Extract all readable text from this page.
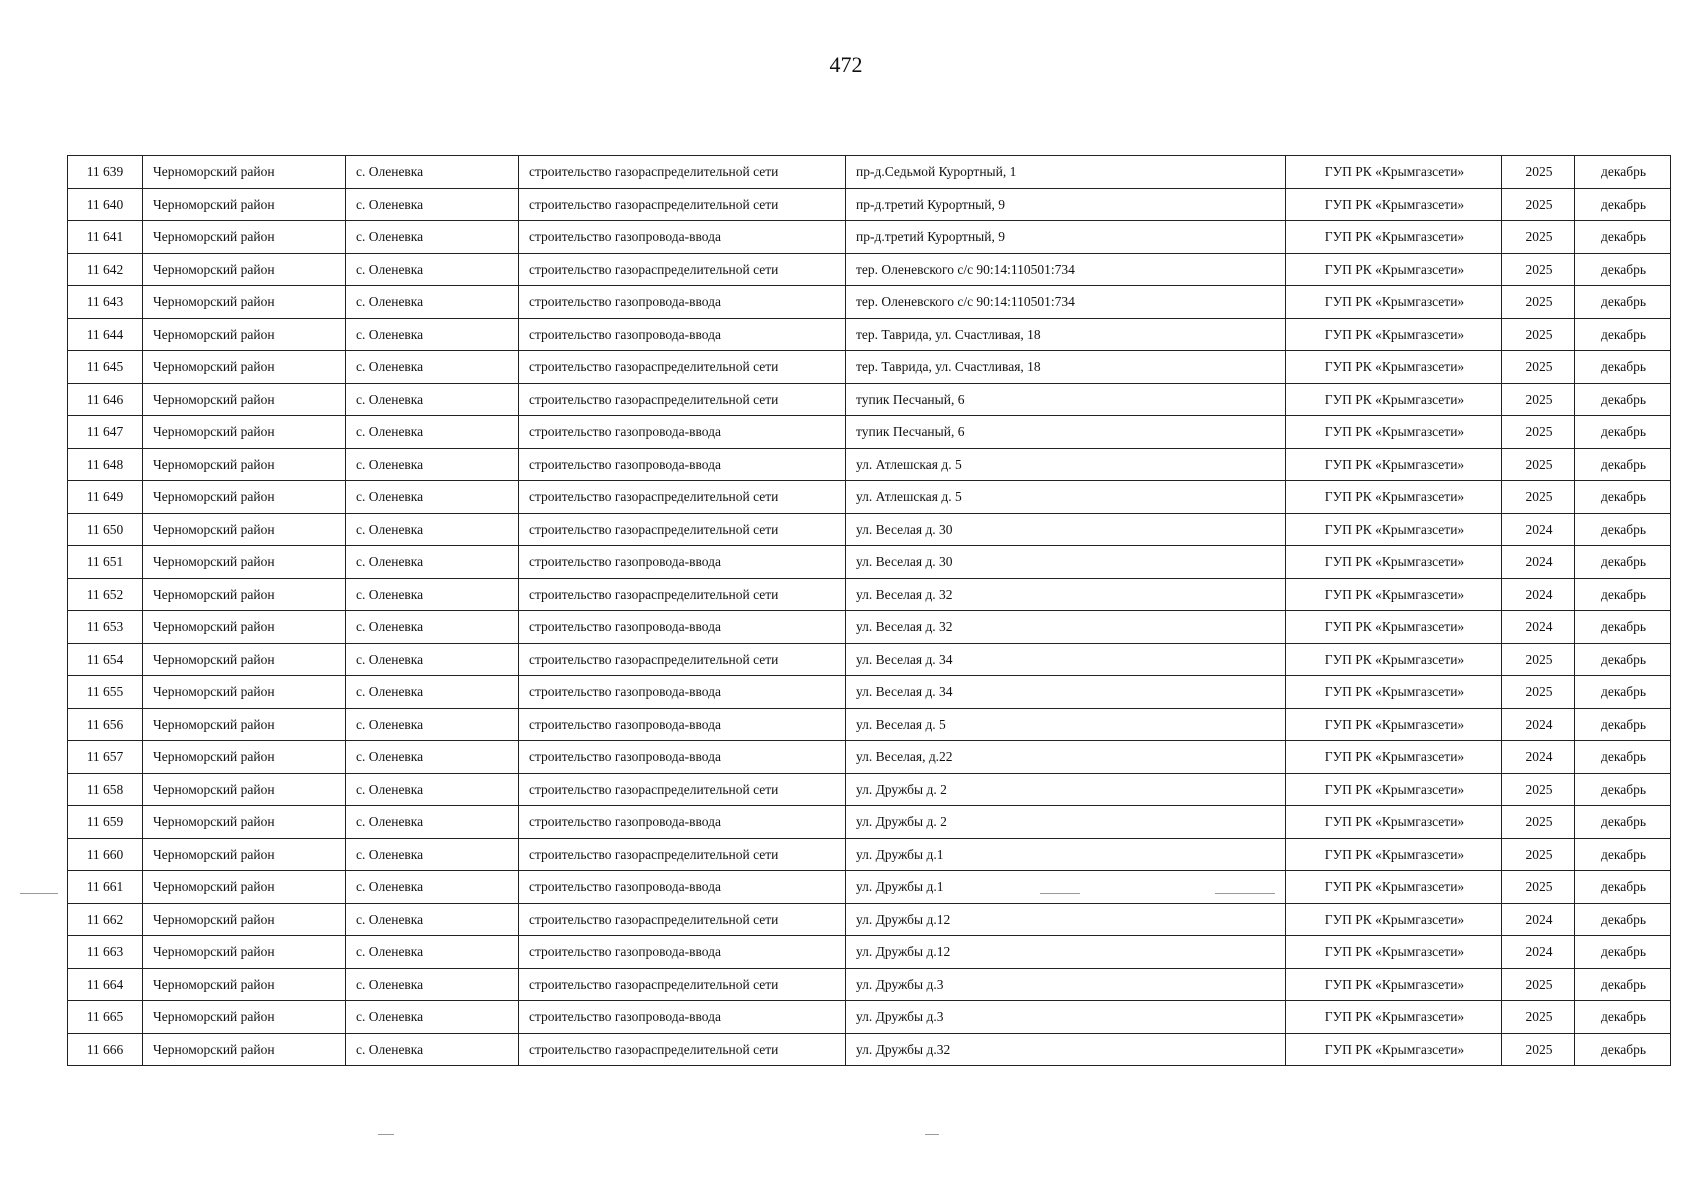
472
11 639	Черноморский район	с. Оленевка	строительство газораспределительной сети	пр-д.Седьмой Курортный, 1	ГУП РК «Крымгазсети»	2025	декабрь
11 640	Черноморский район	с. Оленевка	строительство газораспределительной сети	пр-д.третий Курортный, 9	ГУП РК «Крымгазсети»	2025	декабрь
11 641	Черноморский район	с. Оленевка	строительство газопровода-ввода	пр-д.третий Курортный, 9	ГУП РК «Крымгазсети»	2025	декабрь
11 642	Черноморский район	с. Оленевка	строительство газораспределительной сети	тер. Оленевского с/с 90:14:110501:734	ГУП РК «Крымгазсети»	2025	декабрь
11 643	Черноморский район	с. Оленевка	строительство газопровода-ввода	тер. Оленевского с/с 90:14:110501:734	ГУП РК «Крымгазсети»	2025	декабрь
11 644	Черноморский район	с. Оленевка	строительство газопровода-ввода	тер. Таврида, ул. Счастливая, 18	ГУП РК «Крымгазсети»	2025	декабрь
11 645	Черноморский район	с. Оленевка	строительство газораспределительной сети	тер. Таврида, ул. Счастливая, 18	ГУП РК «Крымгазсети»	2025	декабрь
11 646	Черноморский район	с. Оленевка	строительство газораспределительной сети	тупик Песчаный, 6	ГУП РК «Крымгазсети»	2025	декабрь
11 647	Черноморский район	с. Оленевка	строительство газопровода-ввода	тупик Песчаный, 6	ГУП РК «Крымгазсети»	2025	декабрь
11 648	Черноморский район	с. Оленевка	строительство газопровода-ввода	ул. Атлешская д. 5	ГУП РК «Крымгазсети»	2025	декабрь
11 649	Черноморский район	с. Оленевка	строительство газораспределительной сети	ул. Атлешская д. 5	ГУП РК «Крымгазсети»	2025	декабрь
11 650	Черноморский район	с. Оленевка	строительство газораспределительной сети	ул. Веселая д. 30	ГУП РК «Крымгазсети»	2024	декабрь
11 651	Черноморский район	с. Оленевка	строительство газопровода-ввода	ул. Веселая д. 30	ГУП РК «Крымгазсети»	2024	декабрь
11 652	Черноморский район	с. Оленевка	строительство газораспределительной сети	ул. Веселая д. 32	ГУП РК «Крымгазсети»	2024	декабрь
11 653	Черноморский район	с. Оленевка	строительство газопровода-ввода	ул. Веселая д. 32	ГУП РК «Крымгазсети»	2024	декабрь
11 654	Черноморский район	с. Оленевка	строительство газораспределительной сети	ул. Веселая д. 34	ГУП РК «Крымгазсети»	2025	декабрь
11 655	Черноморский район	с. Оленевка	строительство газопровода-ввода	ул. Веселая д. 34	ГУП РК «Крымгазсети»	2025	декабрь
11 656	Черноморский район	с. Оленевка	строительство газопровода-ввода	ул. Веселая д. 5	ГУП РК «Крымгазсети»	2024	декабрь
11 657	Черноморский район	с. Оленевка	строительство газопровода-ввода	ул. Веселая, д.22	ГУП РК «Крымгазсети»	2024	декабрь
11 658	Черноморский район	с. Оленевка	строительство газораспределительной сети	ул. Дружбы д. 2	ГУП РК «Крымгазсети»	2025	декабрь
11 659	Черноморский район	с. Оленевка	строительство газопровода-ввода	ул. Дружбы д. 2	ГУП РК «Крымгазсети»	2025	декабрь
11 660	Черноморский район	с. Оленевка	строительство газораспределительной сети	ул. Дружбы д.1	ГУП РК «Крымгазсети»	2025	декабрь
11 661	Черноморский район	с. Оленевка	строительство газопровода-ввода	ул. Дружбы д.1	ГУП РК «Крымгазсети»	2025	декабрь
11 662	Черноморский район	с. Оленевка	строительство газораспределительной сети	ул. Дружбы д.12	ГУП РК «Крымгазсети»	2024	декабрь
11 663	Черноморский район	с. Оленевка	строительство газопровода-ввода	ул. Дружбы д.12	ГУП РК «Крымгазсети»	2024	декабрь
11 664	Черноморский район	с. Оленевка	строительство газораспределительной сети	ул. Дружбы д.3	ГУП РК «Крымгазсети»	2025	декабрь
11 665	Черноморский район	с. Оленевка	строительство газопровода-ввода	ул. Дружбы д.3	ГУП РК «Крымгазсети»	2025	декабрь
11 666	Черноморский район	с. Оленевка	строительство газораспределительной сети	ул. Дружбы д.32	ГУП РК «Крымгазсети»	2025	декабрь
